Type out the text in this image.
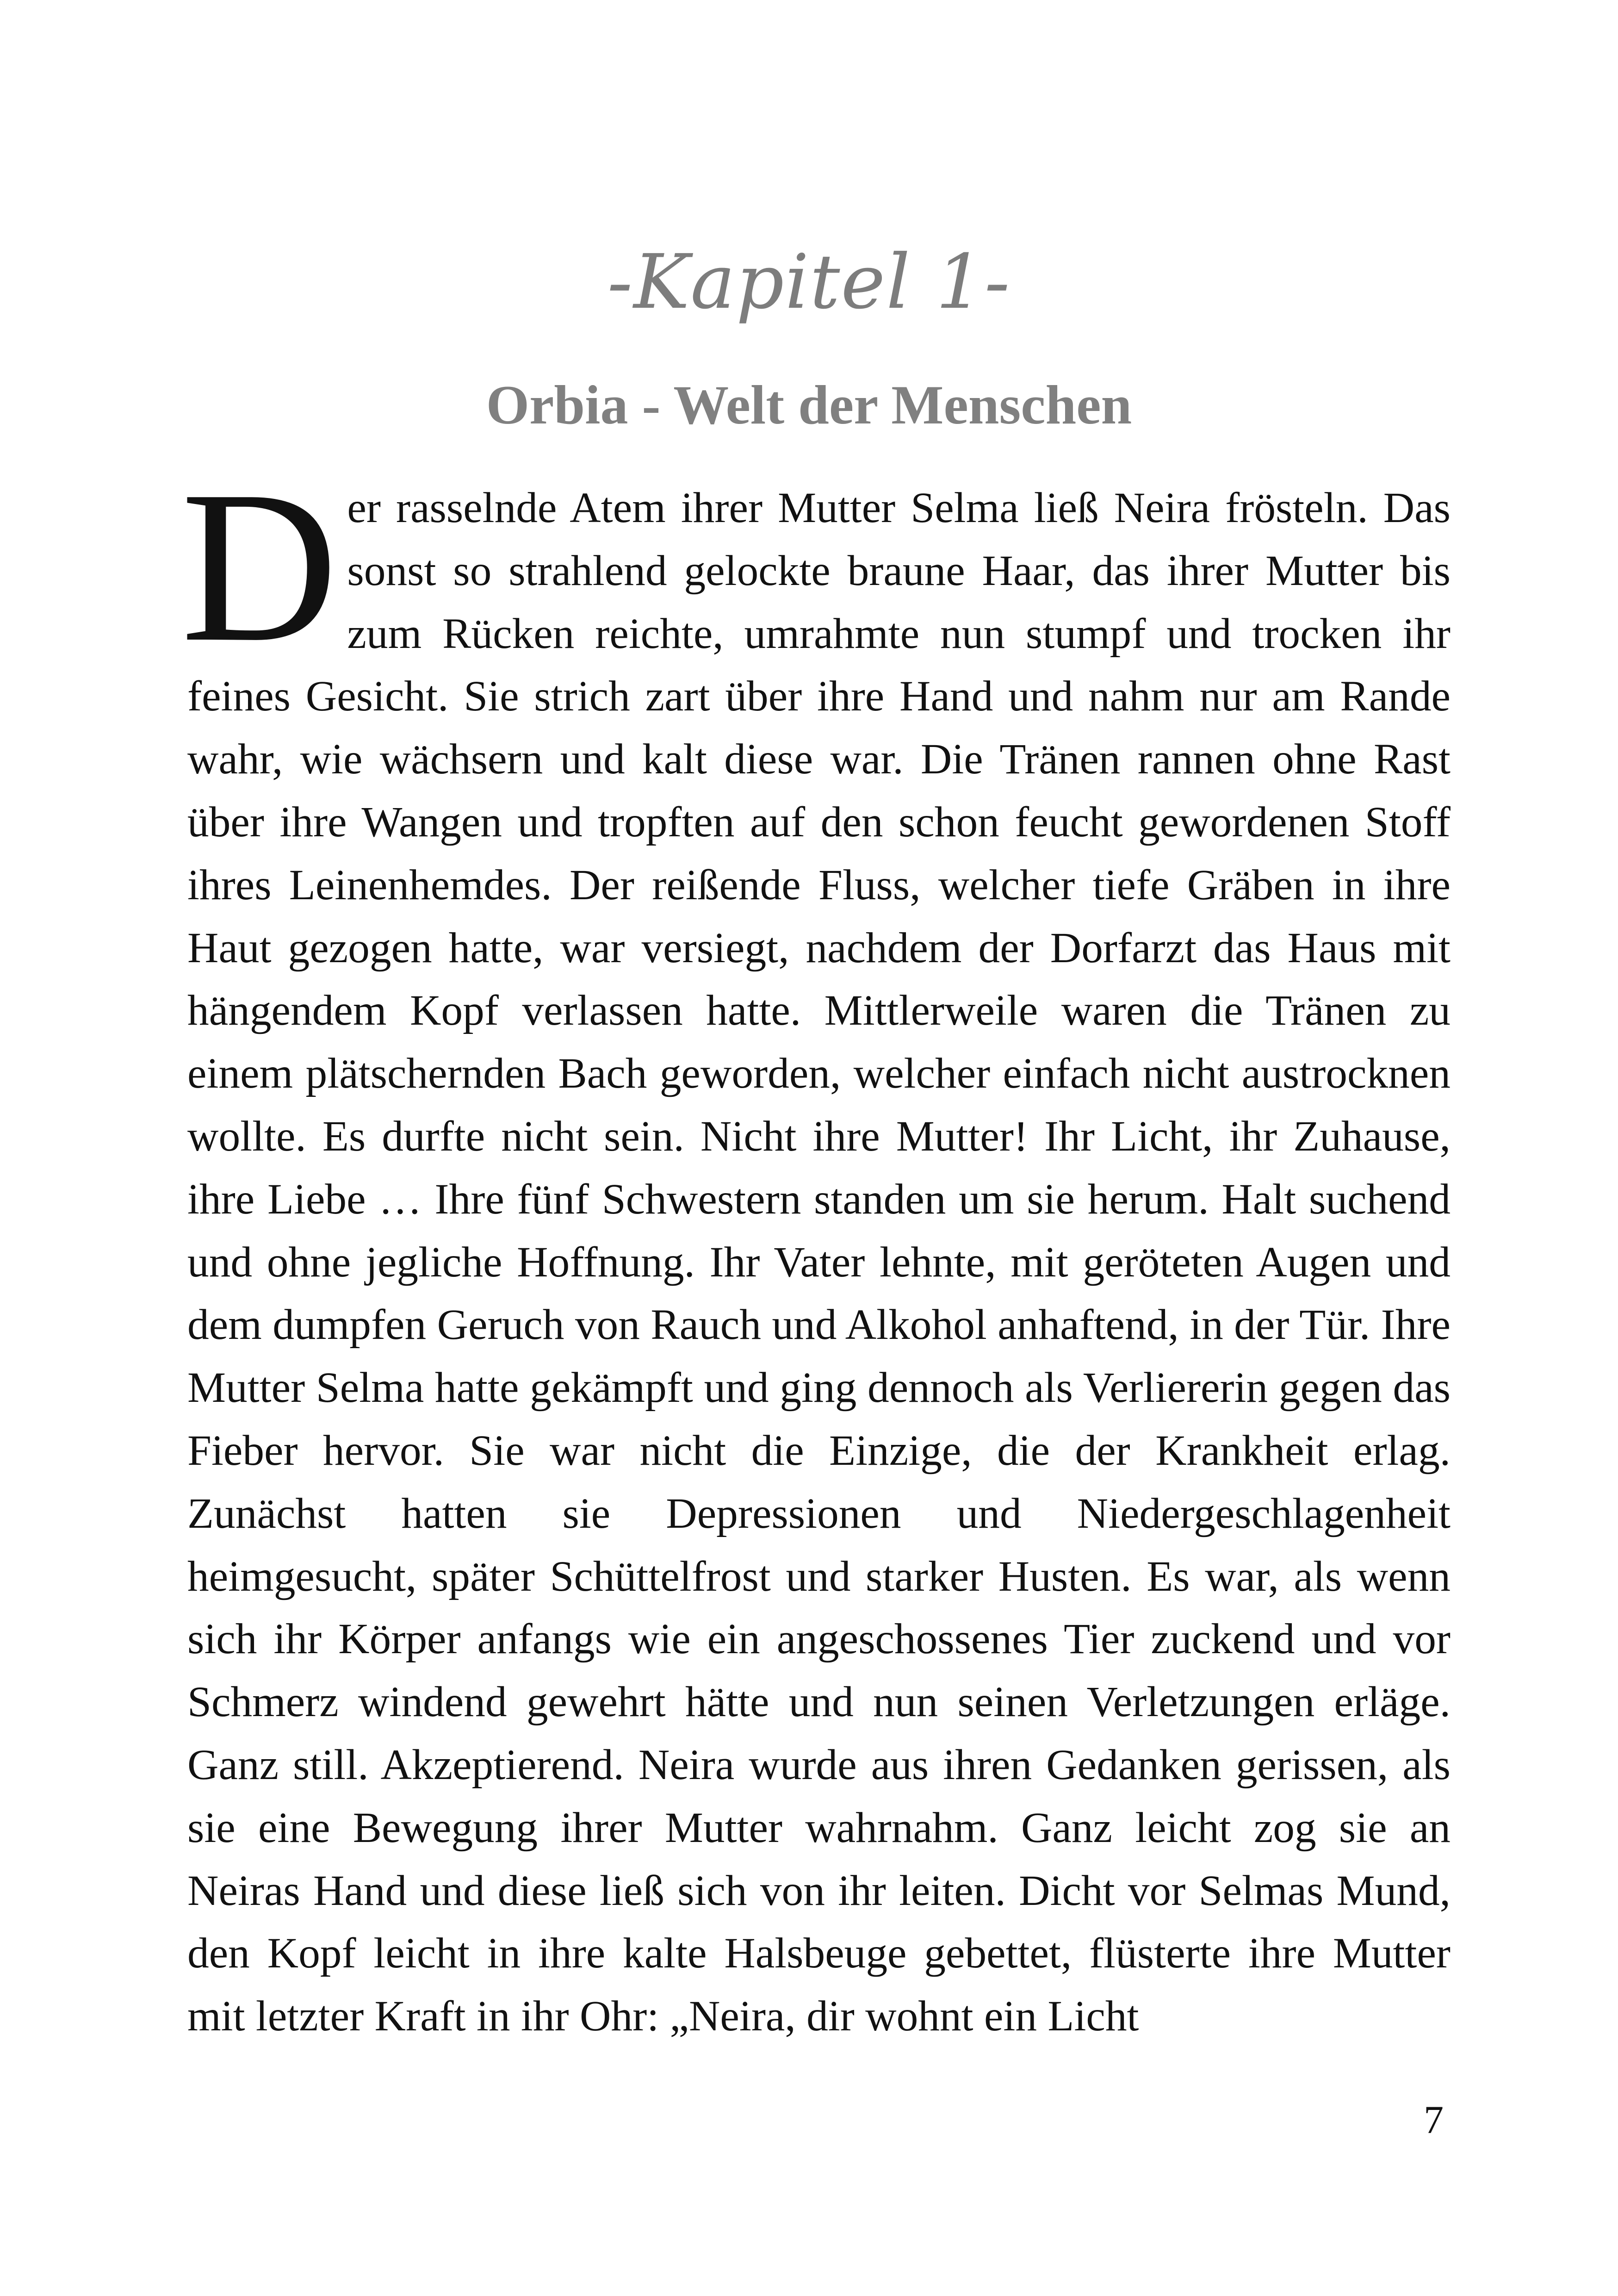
-Kapitel 1-
Orbia - Welt der Menschen
Der rasselnde Atem ihrer Mutter Selma ließ Neira frösteln. Das sonst so strahlend gelockte braune Haar, das ihrer Mutter bis zum Rücken reichte, umrahmte nun stumpf und trocken ihr feines Gesicht. Sie strich zart über ihre Hand und nahm nur am Rande wahr, wie wächsern und kalt diese war. Die Tränen rannen ohne Rast über ihre Wangen und tropften auf den schon feucht gewordenen Stoff ihres Leinenhemdes. Der reißende Fluss, welcher tiefe Gräben in ihre Haut gezogen hatte, war versiegt, nachdem der Dorfarzt das Haus mit hängendem Kopf verlassen hatte. Mittlerweile waren die Tränen zu einem plätschernden Bach geworden, welcher einfach nicht austrocknen wollte. Es durfte nicht sein. Nicht ihre Mutter! Ihr Licht, ihr Zuhause, ihre Liebe … Ihre fünf Schwestern standen um sie herum. Halt suchend und ohne jegliche Hoffnung. Ihr Vater lehnte, mit geröteten Augen und dem dumpfen Geruch von Rauch und Alkohol anhaftend, in der Tür. Ihre Mutter Selma hatte gekämpft und ging dennoch als Verliererin gegen das Fieber hervor. Sie war nicht die Einzige, die der Krankheit erlag. Zunächst hatten sie Depressionen und Niedergeschlagenheit heimgesucht, später Schüttelfrost und starker Husten. Es war, als wenn sich ihr Körper anfangs wie ein angeschossenes Tier zuckend und vor Schmerz windend gewehrt hätte und nun seinen Verletzungen erläge. Ganz still. Akzeptierend. Neira wurde aus ihren Gedanken gerissen, als sie eine Bewegung ihrer Mutter wahrnahm. Ganz leicht zog sie an Neiras Hand und diese ließ sich von ihr leiten. Dicht vor Selmas Mund, den Kopf leicht in ihre kalte Halsbeuge gebettet, flüsterte ihre Mutter mit letzter Kraft in ihr Ohr: „Neira, dir wohnt ein Licht
7
